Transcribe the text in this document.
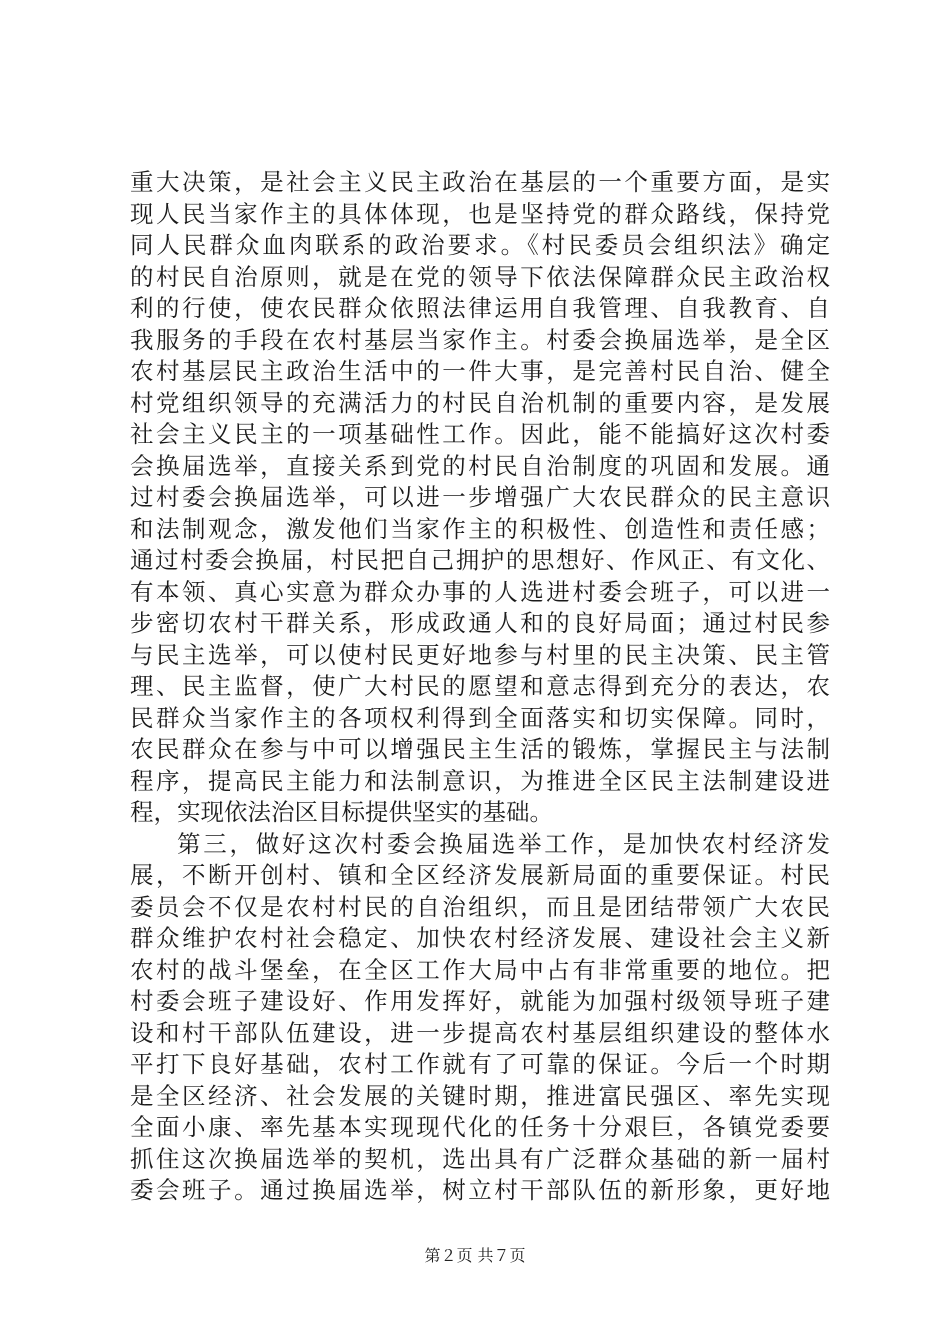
重大决策，是社会主义民主政治在基层的一个重要方面，是实
现人民当家作主的具体体现，也是坚持党的群众路线，保持党
同人民群众血肉联系的政治要求。《村民委员会组织法》确定
的村民自治原则，就是在党的领导下依法保障群众民主政治权
利的行使，使农民群众依照法律运用自我管理、自我教育、自
我服务的手段在农村基层当家作主。村委会换届选举，是全区
农村基层民主政治生活中的一件大事，是完善村民自治、健全
村党组织领导的充满活力的村民自治机制的重要内容，是发展
社会主义民主的一项基础性工作。因此，能不能搞好这次村委
会换届选举，直接关系到党的村民自治制度的巩固和发展。通
过村委会换届选举，可以进一步增强广大农民群众的民主意识
和法制观念，激发他们当家作主的积极性、创造性和责任感；
通过村委会换届，村民把自己拥护的思想好、作风正、有文化、
有本领、真心实意为群众办事的人选进村委会班子，可以进一
步密切农村干群关系，形成政通人和的良好局面；通过村民参
与民主选举，可以使村民更好地参与村里的民主决策、民主管
理、民主监督，使广大村民的愿望和意志得到充分的表达，农
民群众当家作主的各项权利得到全面落实和切实保障。同时，
农民群众在参与中可以增强民主生活的锻炼，掌握民主与法制
程序，提高民主能力和法制意识，为推进全区民主法制建设进
程，实现依法治区目标提供坚实的基础。
第三，做好这次村委会换届选举工作，是加快农村经济发
展，不断开创村、镇和全区经济发展新局面的重要保证。村民
委员会不仅是农村村民的自治组织，而且是团结带领广大农民
群众维护农村社会稳定、加快农村经济发展、建设社会主义新
农村的战斗堡垒，在全区工作大局中占有非常重要的地位。把
村委会班子建设好、作用发挥好，就能为加强村级领导班子建
设和村干部队伍建设，进一步提高农村基层组织建设的整体水
平打下良好基础，农村工作就有了可靠的保证。今后一个时期
是全区经济、社会发展的关键时期，推进富民强区、率先实现
全面小康、率先基本实现现代化的任务十分艰巨，各镇党委要
抓住这次换届选举的契机，选出具有广泛群众基础的新一届村
委会班子。通过换届选举，树立村干部队伍的新形象，更好地
第２页 共７页
